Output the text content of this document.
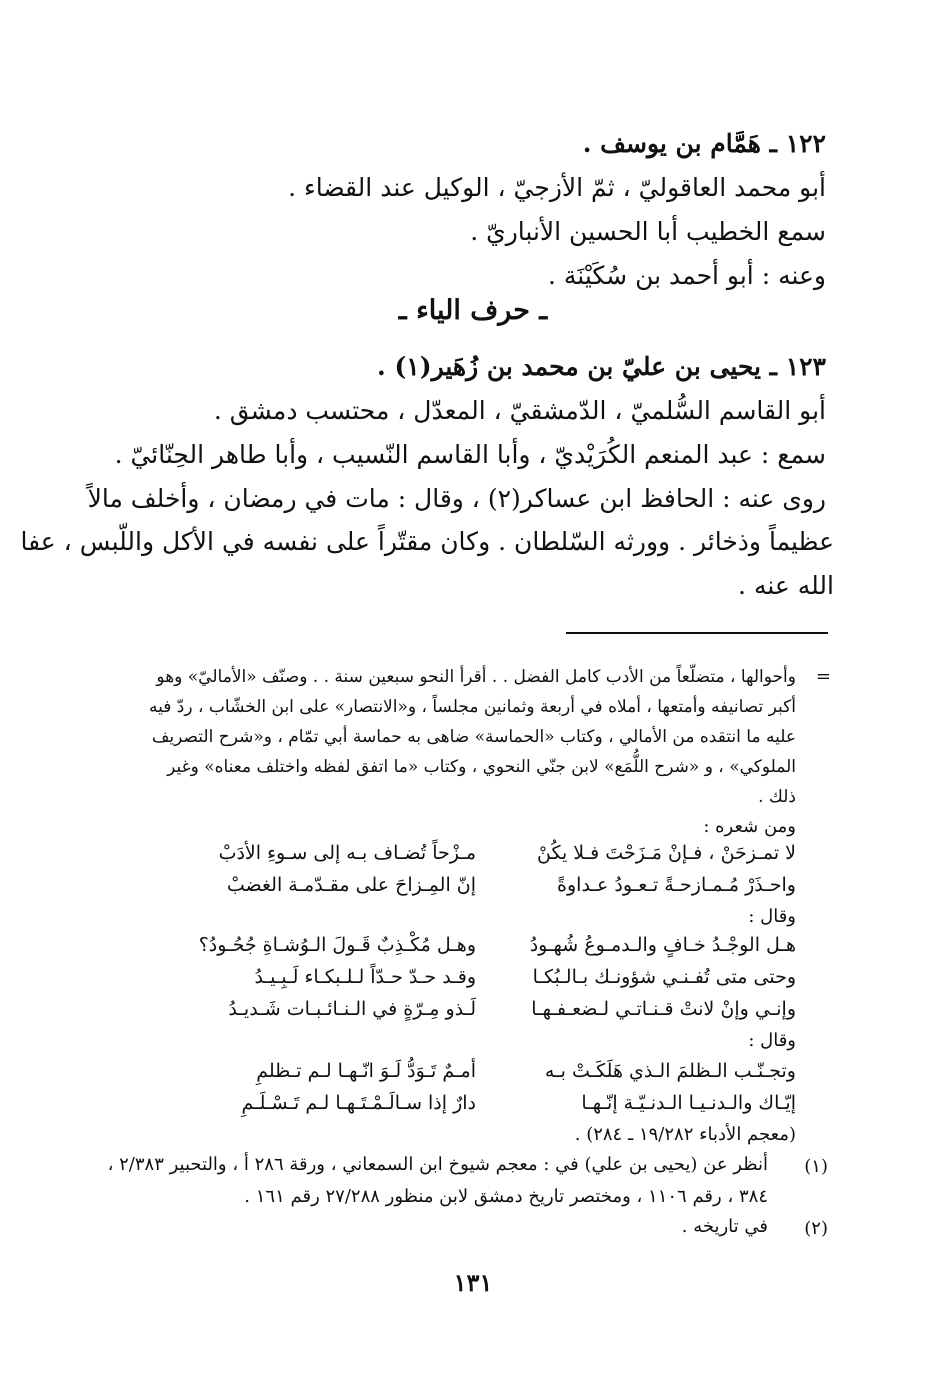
١٢٢ ـ هَمَّام بن يوسف .
أبو محمد العاقوليّ ، ثمّ الأزجيّ ، الوكيل عند القضاء .
سمع الخطيب أبا الحسين الأنباريّ .
وعنه : أبو أحمد بن سُكَيْنَة .
ـ حرف الياء ـ
١٢٣ ـ يحيى بن عليّ بن محمد بن زُهَير(١) .
أبو القاسم السُّلميّ ، الدّمشقيّ ، المعدّل ، محتسب دمشق .
سمع : عبد المنعم الكُرَيْديّ ، وأبا القاسم النّسيب ، وأبا طاهر الحِنّائيّ .
روى عنه : الحافظ ابن عساكر(٢) ، وقال : مات في رمضان ، وأخلف مالاً
عظيماً وذخائر . وورثه السّلطان . وكان مقتّراً على نفسه في الأكل واللّبس ، عفا
الله عنه .
=
وأحوالها ، متضلّعاً من الأدب كامل الفضل . . أقرأ النحو سبعين سنة . . وصنّف «الأماليّ» وهو
أكبر تصانيفه وأمتعها ، أملاه في أربعة وثمانين مجلساً ، و«الانتصار» على ابن الخشّاب ، ردّ فيه
عليه ما انتقده من الأمالي ، وكتاب «الحماسة» ضاهى به حماسة أبي تمّام ، و«شرح التصريف
الملوكي» ، و «شرح اللُّمَع» لابن جنّي النحوي ، وكتاب «ما اتفق لفظه واختلف معناه» وغير
ذلك .
ومن شعره :
لا تمـزحَنْ ، فـإنْ مَـزَحْتَ فـلا يكُنْ
مـزْحاً تُضـاف بـه إلى سـوءِ الأدَبْ
واحـذَرْ مُـمـازحـةً تـعـودُ عـداوةً
إنّ المِـزاحَ على مقـدّمـة الغضبْ
وقال :
هـل الوجْـدُ خـافٍ والـدمـوعُ شُهـودُ
وهـل مُكْـذِبٌ قَـولَ الـوُشـاةِ جُحُـودُ؟
وحتى متى تُفـنـي شؤونـك بـالـبُكـا
وقـد حـدّ حـدّاً لـلـبكـاء لَـبِـيـدُ
وإنـي وإنْ لانتْ قـنـاتـي لـضعـفـهـا
لَـذو مِـرّةٍ في الـنـائـبـات شَـديـدُ
وقال :
وتجـنّـب الـظلمَ الـذي هَلَكَـتْ بـه
أمـمٌ تَـوَدُّ لَـوَ انّـهـا لـم تـظلمِ
إيّـاك والـدنـيـا الـدنـيّـة إنّـهـا
دارٌ إذا سـالَـمْـتَـهـا لـم تَـسْـلَـمِ
(معجم الأدباء ١٩/٢٨٢ ـ ٢٨٤) .
(١)
أنظر عن (يحيى بن علي) في : معجم شيوخ ابن السمعاني ، ورقة ٢٨٦ أ ، والتحبير ٢/٣٨٣ ،
٣٨٤ ، رقم ١١٠٦ ، ومختصر تاريخ دمشق لابن منظور ٢٧/٢٨٨ رقم ١٦١ .
(٢)
في تاريخه .
١٣١
